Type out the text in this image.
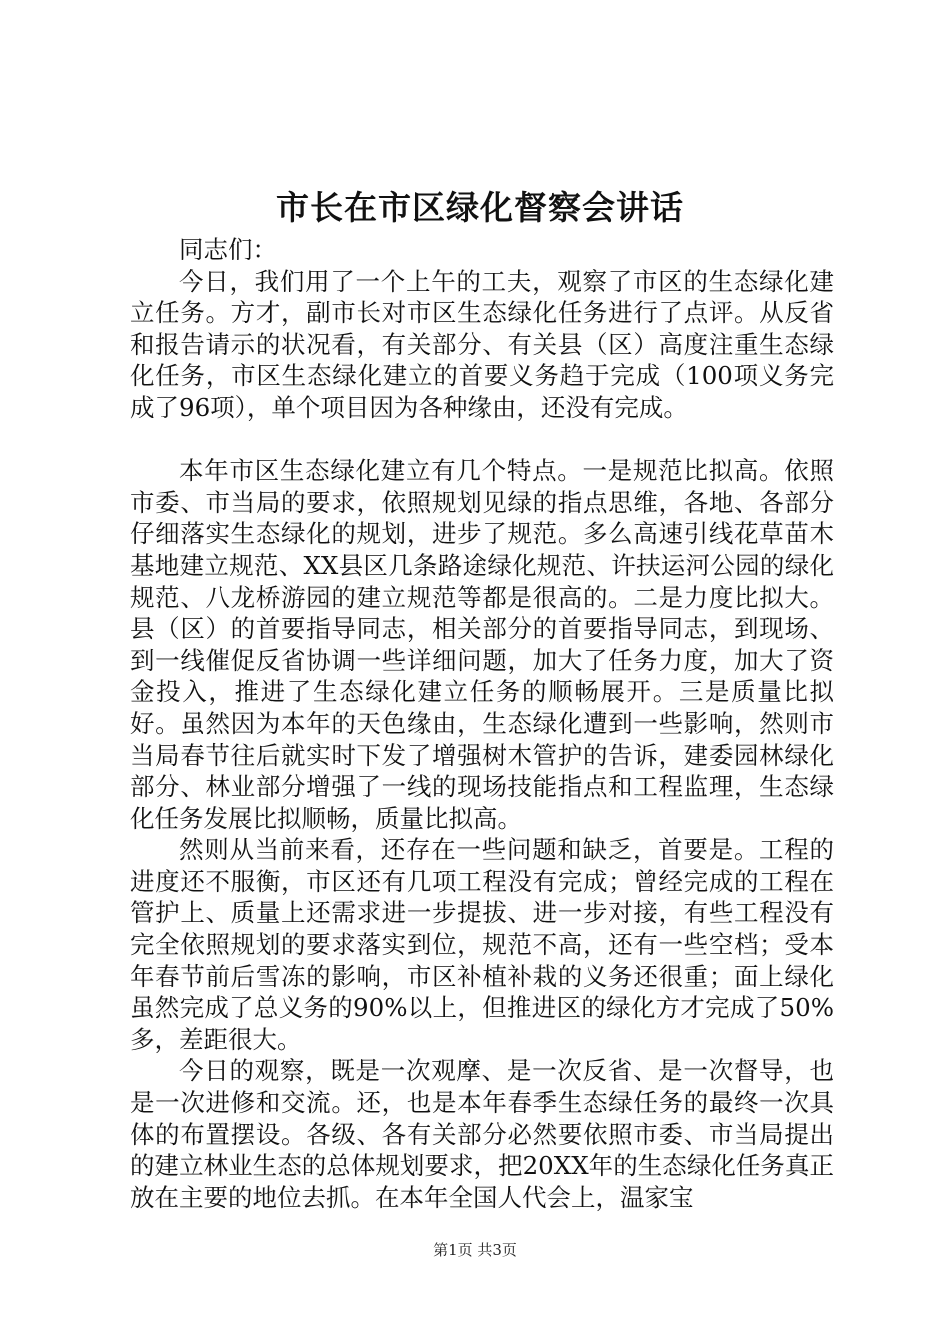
市长在市区绿化督察会讲话

同志们：

今日，我们用了一个上午的工夫，观察了市区的生态绿化建立任务。方才，副市长对市区生态绿化任务进行了点评。从反省和报告请示的状况看，有关部分、有关县（区）高度注重生态绿化任务，市区生态绿化建立的首要义务趋于完成（100项义务完成了96项），单个项目因为各种缘由，还没有完成。

本年市区生态绿化建立有几个特点。一是规范比拟高。依照市委、市当局的要求，依照规划见绿的指点思维，各地、各部分仔细落实生态绿化的规划，进步了规范。多么高速引线花草苗木基地建立规范、XX县区几条路途绿化规范、许扶运河公园的绿化规范、八龙桥游园的建立规范等都是很高的。二是力度比拟大。县（区）的首要指导同志，相关部分的首要指导同志，到现场、到一线催促反省协调一些详细问题，加大了任务力度，加大了资金投入，推进了生态绿化建立任务的顺畅展开。三是质量比拟好。虽然因为本年的天色缘由，生态绿化遭到一些影响，然则市当局春节往后就实时下发了增强树木管护的告诉，建委园林绿化部分、林业部分增强了一线的现场技能指点和工程监理，生态绿化任务发展比拟顺畅，质量比拟高。

然则从当前来看，还存在一些问题和缺乏，首要是。工程的进度还不服衡，市区还有几项工程没有完成；曾经完成的工程在管护上、质量上还需求进一步提拔、进一步对接，有些工程没有完全依照规划的要求落实到位，规范不高，还有一些空档；受本年春节前后雪冻的影响，市区补植补栽的义务还很重；面上绿化虽然完成了总义务的90%以上，但推进区的绿化方才完成了50%多，差距很大。

今日的观察，既是一次观摩、是一次反省、是一次督导，也是一次进修和交流。还，也是本年春季生态绿任务的最终一次具体的布置摆设。各级、各有关部分必然要依照市委、市当局提出的建立林业生态的总体规划要求，把20XX年的生态绿化任务真正放在主要的地位去抓。在本年全国人代会上，温家宝

第1页 共3页
